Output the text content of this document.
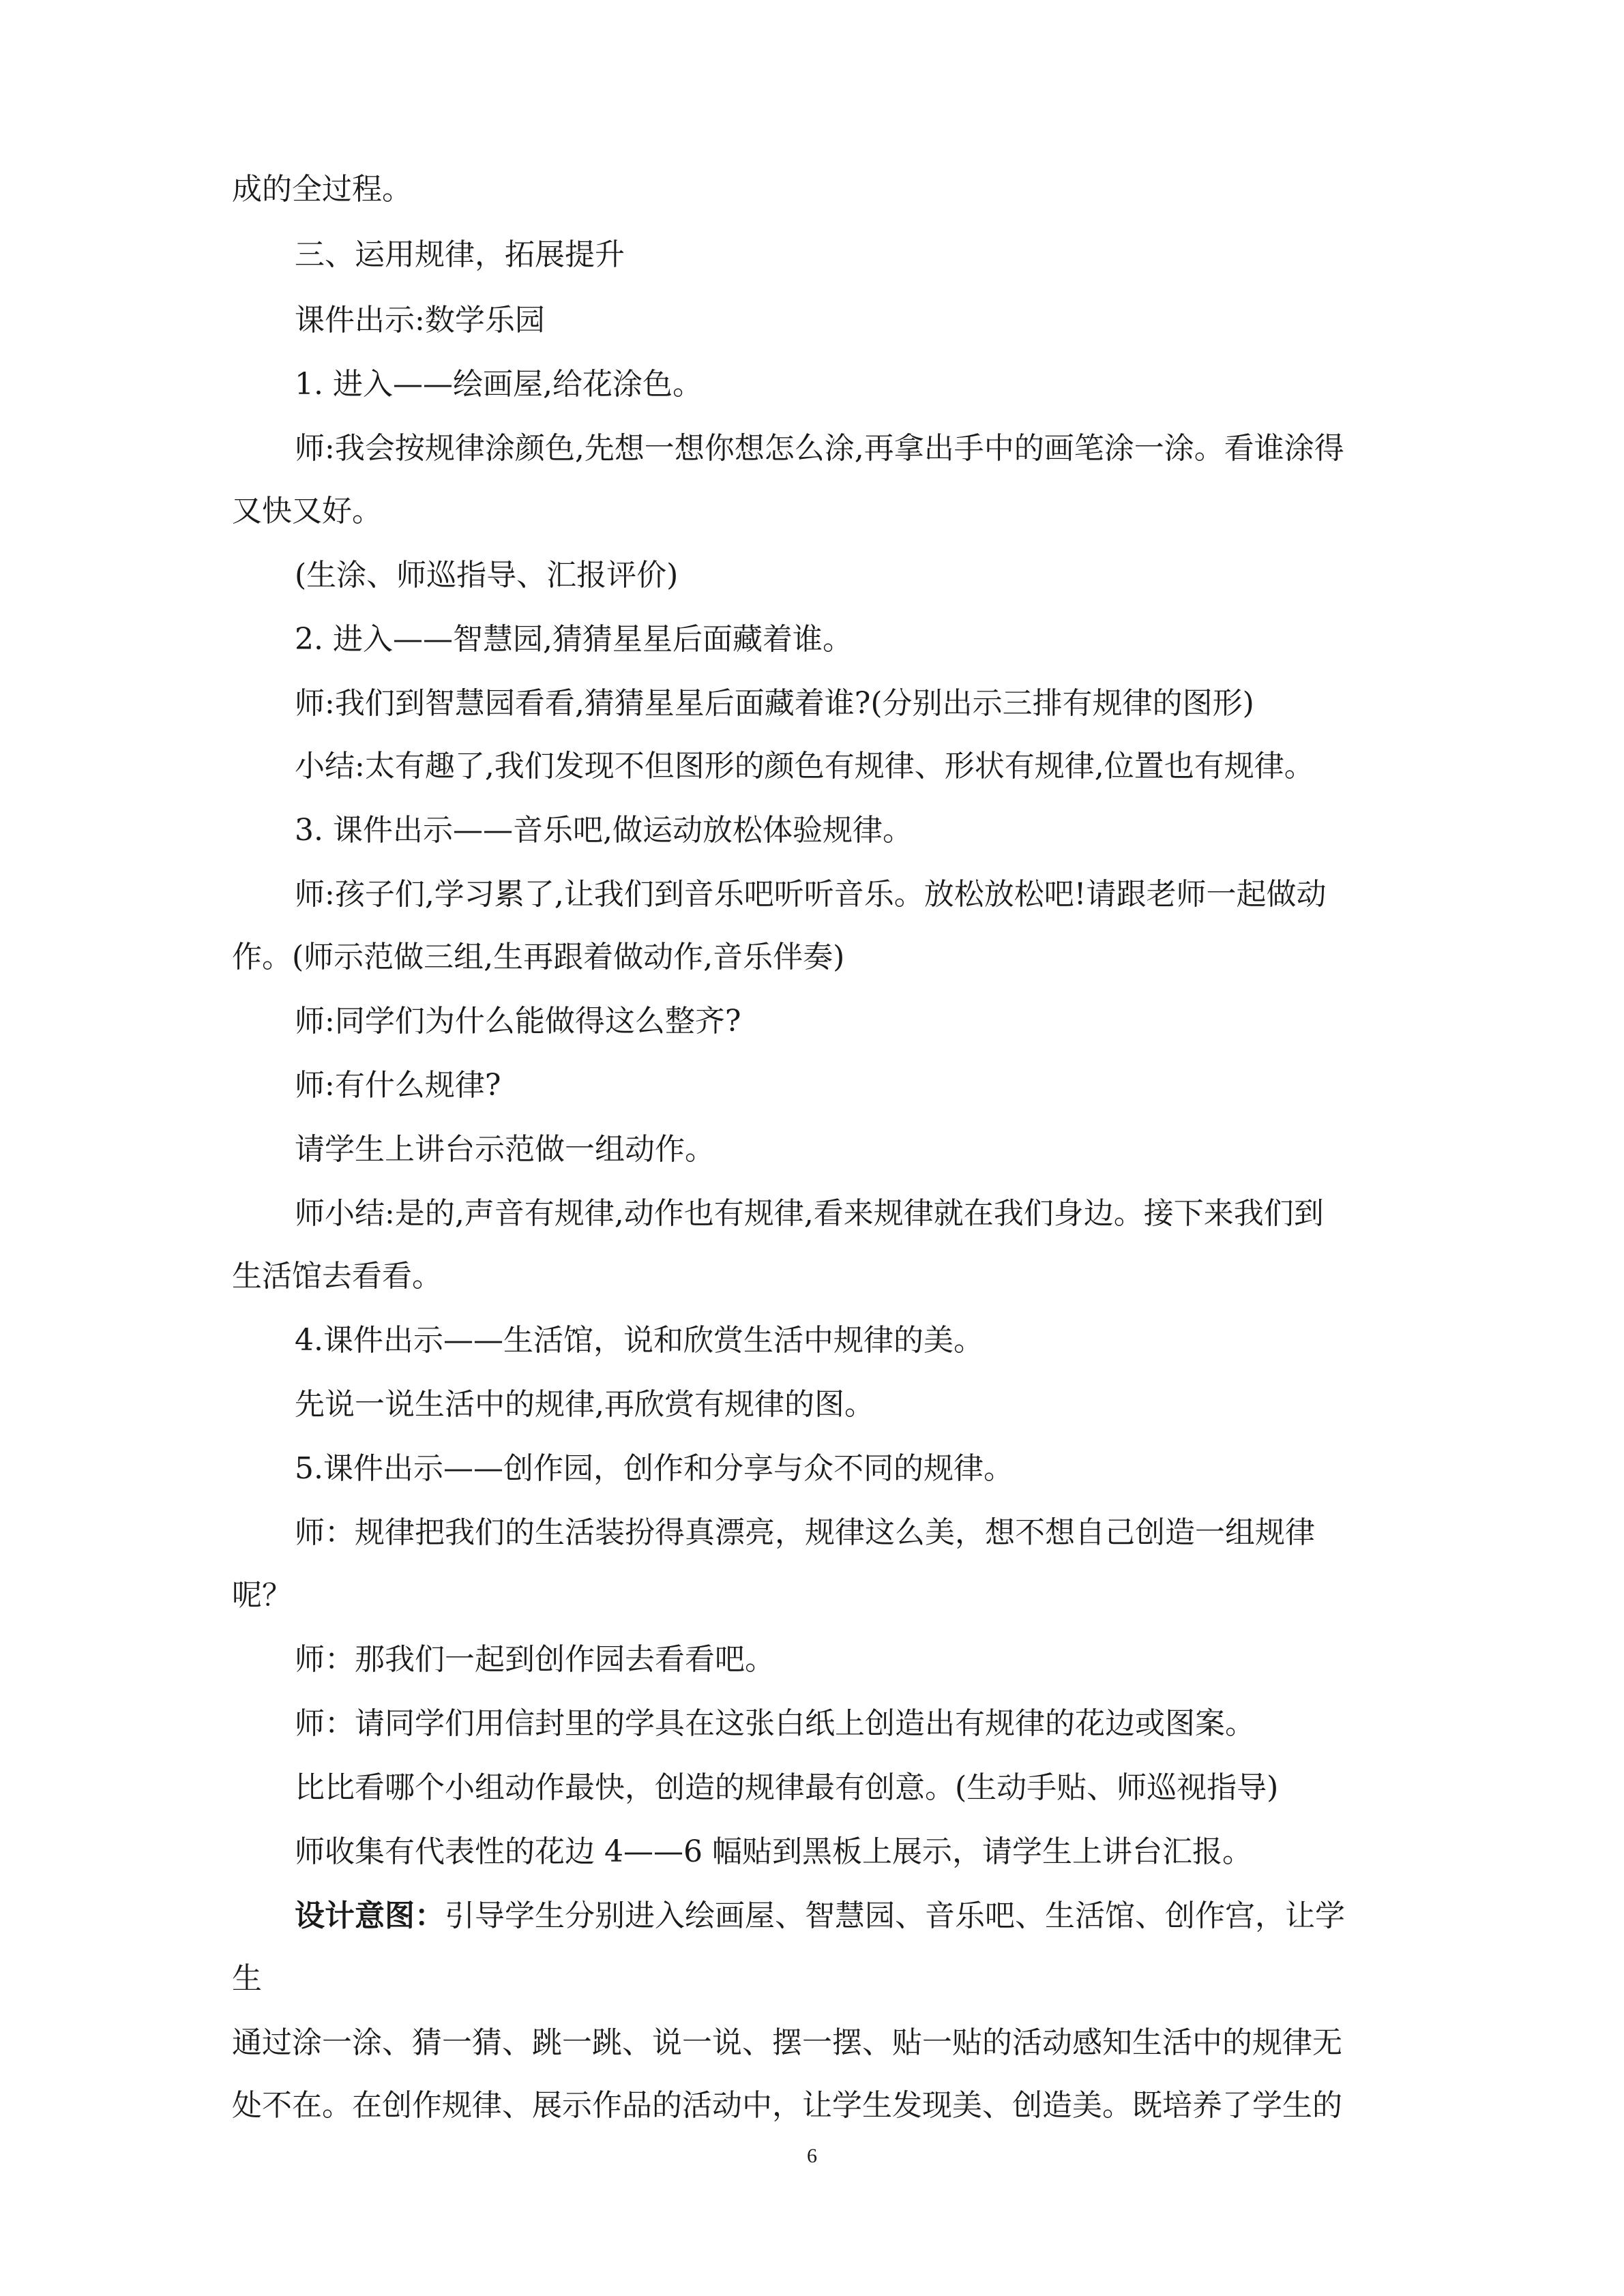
成的全过程。
三、运用规律，拓展提升
课件出示:数学乐园
1. 进入——绘画屋,给花涂色。
师:我会按规律涂颜色,先想一想你想怎么涂,再拿出手中的画笔涂一涂。看谁涂得
又快又好。
(生涂、师巡指导、汇报评价)
2. 进入——智慧园,猜猜星星后面藏着谁。
师:我们到智慧园看看,猜猜星星后面藏着谁?(分别出示三排有规律的图形)
小结:太有趣了,我们发现不但图形的颜色有规律、形状有规律,位置也有规律。
3. 课件出示——音乐吧,做运动放松体验规律。
师:孩子们,学习累了,让我们到音乐吧听听音乐。放松放松吧!请跟老师一起做动
作。(师示范做三组,生再跟着做动作,音乐伴奏)
师:同学们为什么能做得这么整齐?
师:有什么规律?
请学生上讲台示范做一组动作。
师小结:是的,声音有规律,动作也有规律,看来规律就在我们身边。接下来我们到
生活馆去看看。
4.课件出示——生活馆，说和欣赏生活中规律的美。
先说一说生活中的规律,再欣赏有规律的图。
5.课件出示——创作园，创作和分享与众不同的规律。
师：规律把我们的生活装扮得真漂亮，规律这么美，想不想自己创造一组规律
呢？
师：那我们一起到创作园去看看吧。
师：请同学们用信封里的学具在这张白纸上创造出有规律的花边或图案。
比比看哪个小组动作最快，创造的规律最有创意。(生动手贴、师巡视指导)
师收集有代表性的花边 4——6 幅贴到黑板上展示，请学生上讲台汇报。
设计意图：引导学生分别进入绘画屋、智慧园、音乐吧、生活馆、创作宫，让学
生
通过涂一涂、猜一猜、跳一跳、说一说、摆一摆、贴一贴的活动感知生活中的规律无
处不在。在创作规律、展示作品的活动中，让学生发现美、创造美。既培养了学生的
6
